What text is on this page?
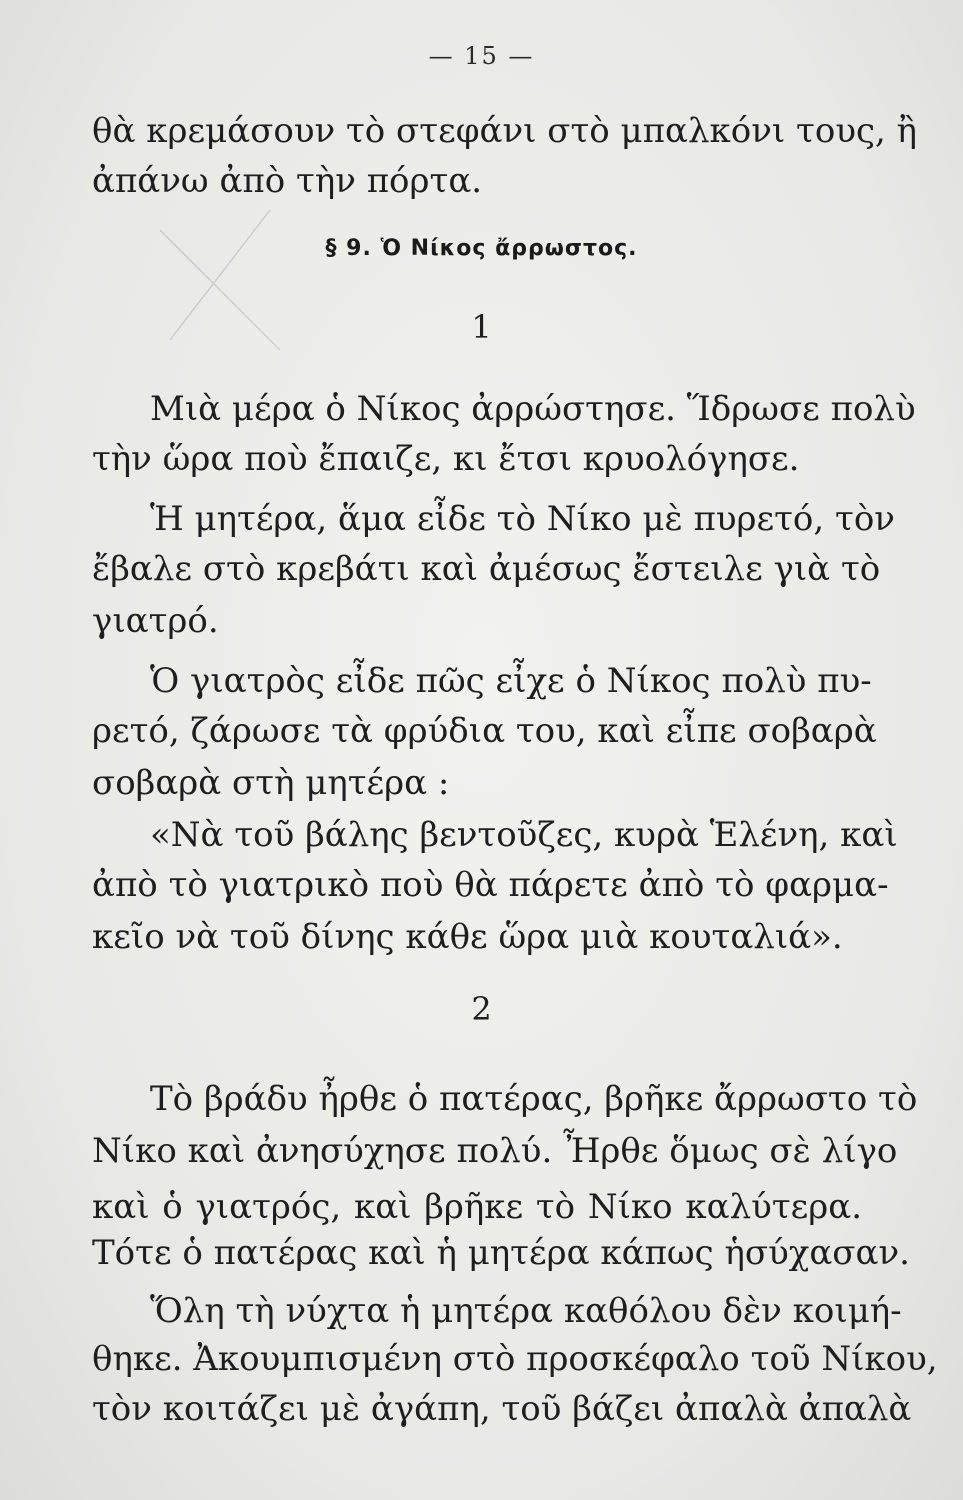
— 15 —
θὰ κρεμάσουν τὸ στεφάνι στὸ μπαλκόνι τους, ἢ
ἀπάνω ἀπὸ τὴν πόρτα.
§ 9. Ὁ Νίκος ἄρρωστος.
1
Μιὰ μέρα ὁ Νίκος ἀρρώστησε. Ἵδρωσε πολὺ
τὴν ὥρα ποὺ ἔπαιζε, κι ἔτσι κρυολόγησε.
Ἡ μητέρα, ἅμα εἶδε τὸ Νίκο μὲ πυρετό, τὸν
ἔβαλε στὸ κρεβάτι καὶ ἀμέσως ἔστειλε γιὰ τὸ
γιατρό.
Ὁ γιατρὸς εἶδε πῶς εἶχε ὁ Νίκος πολὺ πυ-
ρετό, ζάρωσε τὰ φρύδια του, καὶ εἶπε σοβαρὰ
σοβαρὰ στὴ μητέρα :
«Νὰ τοῦ βάλης βεντοῦζες, κυρὰ Ἑλένη, καὶ
ἀπὸ τὸ γιατρικὸ ποὺ θὰ πάρετε ἀπὸ τὸ φαρμα-
κεῖο νὰ τοῦ δίνης κάθε ὥρα μιὰ κουταλιά».
2
Τὸ βράδυ ἦρθε ὁ πατέρας, βρῆκε ἄρρωστο τὸ
Νίκο καὶ ἀνησύχησε πολύ. Ἦρθε ὅμως σὲ λίγο
καὶ ὁ γιατρός, καὶ βρῆκε τὸ Νίκο καλύτερα.
Τότε ὁ πατέρας καὶ ἡ μητέρα κάπως ἡσύχασαν.
Ὅλη τὴ νύχτα ἡ μητέρα καθόλου δὲν κοιμή-
θηκε. Ἀκουμπισμένη στὸ προσκέφαλο τοῦ Νίκου,
τὸν κοιτάζει μὲ ἀγάπη, τοῦ βάζει ἀπαλὰ ἀπαλὰ
